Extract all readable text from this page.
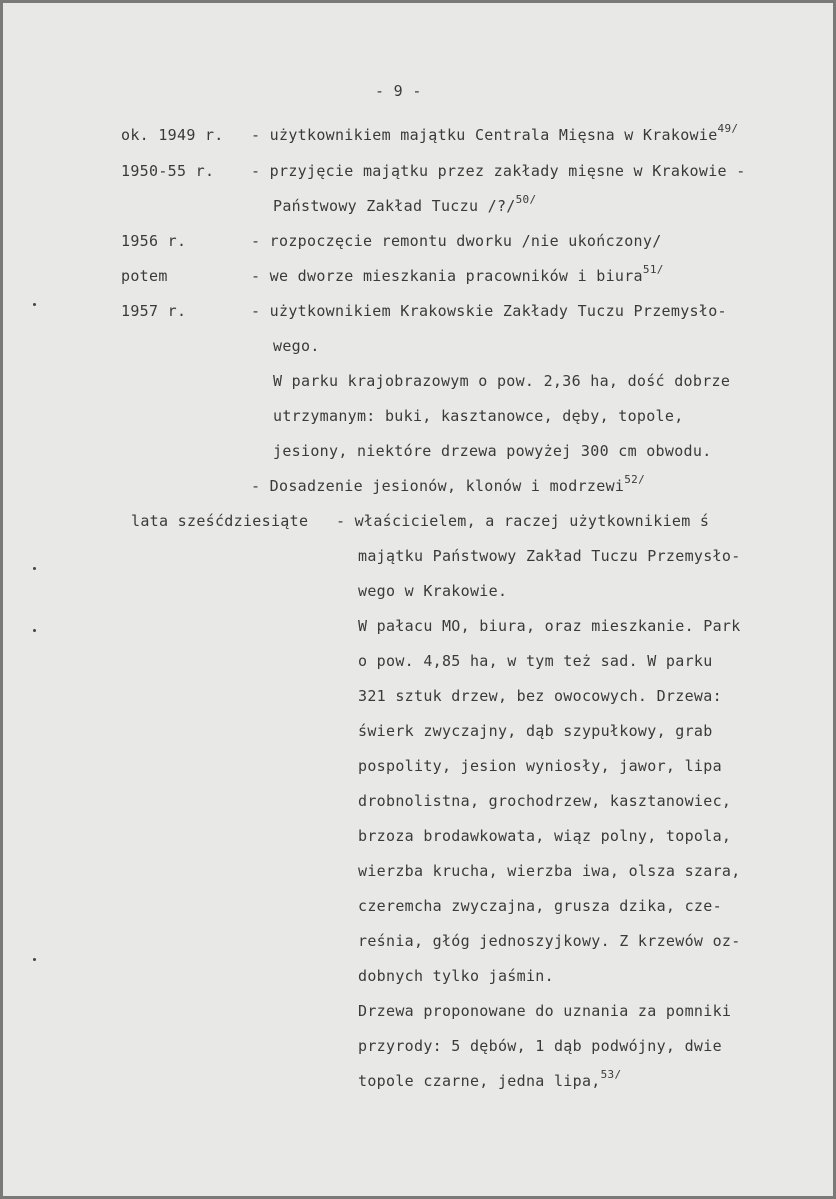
- 9 -
ok. 1949 r. - użytkownikiem majątku Centrala Mięsna w Krakowie$^{49/}$
1950-55 r. - przyjęcie majątku przez zakłady mięsne w Krakowie -
Państwowy Zakład Tuczu /?/$^{50/}$
1956 r.	- rozpoczęcie remontu dworku /nie ukończony/
potem	- we dworze mieszkania pracowników i biura$^{51/}$
1957 r.	- użytkownikiem Krakowskie Zakłady Tuczu Przemysło-
wego.
W parku krajobrazowym o pow. 2,36 ha, dość dobrze
utrzymanym: buki, kasztanowce, dęby, topole,
jesiony, niektóre drzewa powyżej 300 cm obwodu.
- Dosadzenie jesionów, klonów i modrzewi$^{52/}$
lata sześćdziesiąte - właścicielem, a raczej użytkownikiem ś
majątku Państwowy Zakład Tuczu Przemysło-
wego w Krakowie.
W pałacu MO, biura, oraz mieszkanie. Park
o pow. 4,85 ha, w tym też sad. W parku
321 sztuk drzew, bez owocowych. Drzewa:
świerk zwyczajny, dąb szypułkowy, grab
pospolity, jesion wyniosły, jawor, lipa
drobnolistna, grochodrzew, kasztanowiec,
brzoza brodawkowata, wiąz polny, topola,
wierzba krucha, wierzba iwa, olsza szara,
czeremcha zwyczajna, grusza dzika, cze-
reśnia, głóg jednoszyjkowy. Z krzewów oz-
dobnych tylko jaśmin.
Drzewa proponowane do uznania za pomniki
przyrody: 5 dębów, 1 dąb podwójny, dwie
topole czarne, jedna lipa,$^{53/}$
